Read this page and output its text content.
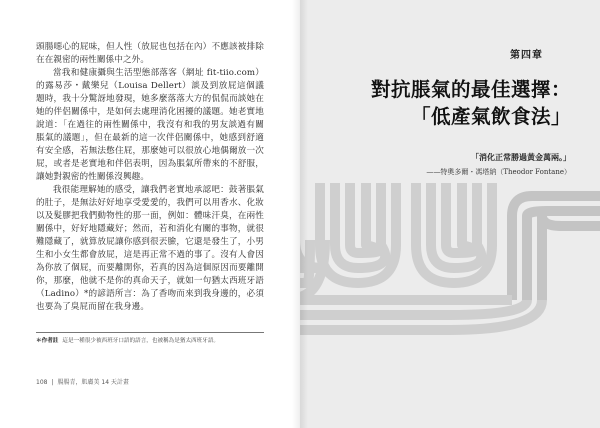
頭腸噁心的屁味，但人性（放屁也包括在內）不應該被排除在在親密的兩性關係中之外。

當我和健康攝與生活型態部落客（網址 fit-tiio.com）的露易莎・戴樂兒（Louisa Dellert）談及到放屁這個議題時，我十分驚訝地發現，她多麼落落大方的侃侃而談她在她的伴侶關係中，是如何去處理消化困擾的議題。她老實地說道：「在過往的兩性關係中，我沒有和我的男友談過有關脹氣的議題」，但在最新的這一次伴侶關係中，她感到舒適有安全感，若無法憋住屁，那麼她可以很放心地偶爾放一次屁，或者是老實地和伴侶表明，因為脹氣所帶來的不舒服，讓她對親密的性關係沒興趣。

我很能理解她的感受，讓我們老實地承認吧：鼓著脹氣的肚子，是無法好好地享受愛愛的，我們可以用香水、化妝以及髮膠把我們動物性的那一面，例如：體味汗臭，在兩性關係中，好好地隱藏好；然而，若和消化有關的事物，就很難隱藏了，就算放屁讓你感到很丟臉，它還是發生了，小男生和小女生都會放屁，這是再正常不過的事了。沒有人會因為你放了個屁，而要離開你，若真的因為這個原因而要離開你，那麼，他就不是你的真命天子，就如一句猶太西班牙語（Ladino）*的諺語所言：為了香吻而來到我身邊的，必須也要為了臭屁而留在我身邊。

＊作者註 這是一種很少被西班牙口語的語言，也被稱為是猶太西班牙語。
108 | 腸腸青，肌膚美 14 天計畫
第四章
對抗脹氣的最佳選擇：
「低產氣飲食法」
「消化正常勝過黃金萬兩。」
——特奧多爾・馮塔納（Theodor Fontane）
